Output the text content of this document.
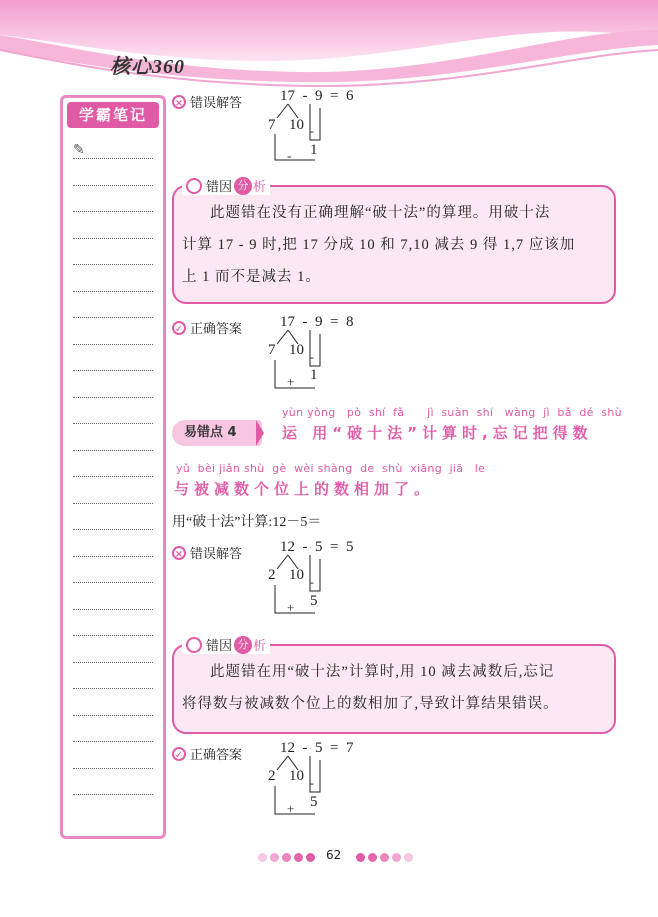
核心360
学霸笔记
✎
× 错误解答	17  -  9  =  6
7 10 -
- 1
此题错在没有正确理解“破十法”的算理。用破十法
计算 17 - 9 时,把 17 分成 10 和 7,10 减去 9 得 1,7 应该加
上 1 而不是减去 1。
错因 分 析
✓ 正确答案	17  -  9  =  8
7 10 -
+ 1
易错点 4
yùn yòng   pò  shí  fǎ      jì  suàn  shí   wàng  jì  bǎ  dé  shù
运 用“破十法”计算时,忘记把得数
yǔ  bèi jiǎn shù  gè  wèi shàng  de  shù  xiāng  jiā   le
与被减数个位上的数相加了。
用“破十法”计算:12－5＝
× 错误解答	12  -  5  =  5
2 10 -
+ 5
此题错在用“破十法”计算时,用 10 减去减数后,忘记
将得数与被减数个位上的数相加了,导致计算结果错误。
错因 分 析
✓ 正确答案	12  -  5  =  7
2 10 -
+ 5
62
